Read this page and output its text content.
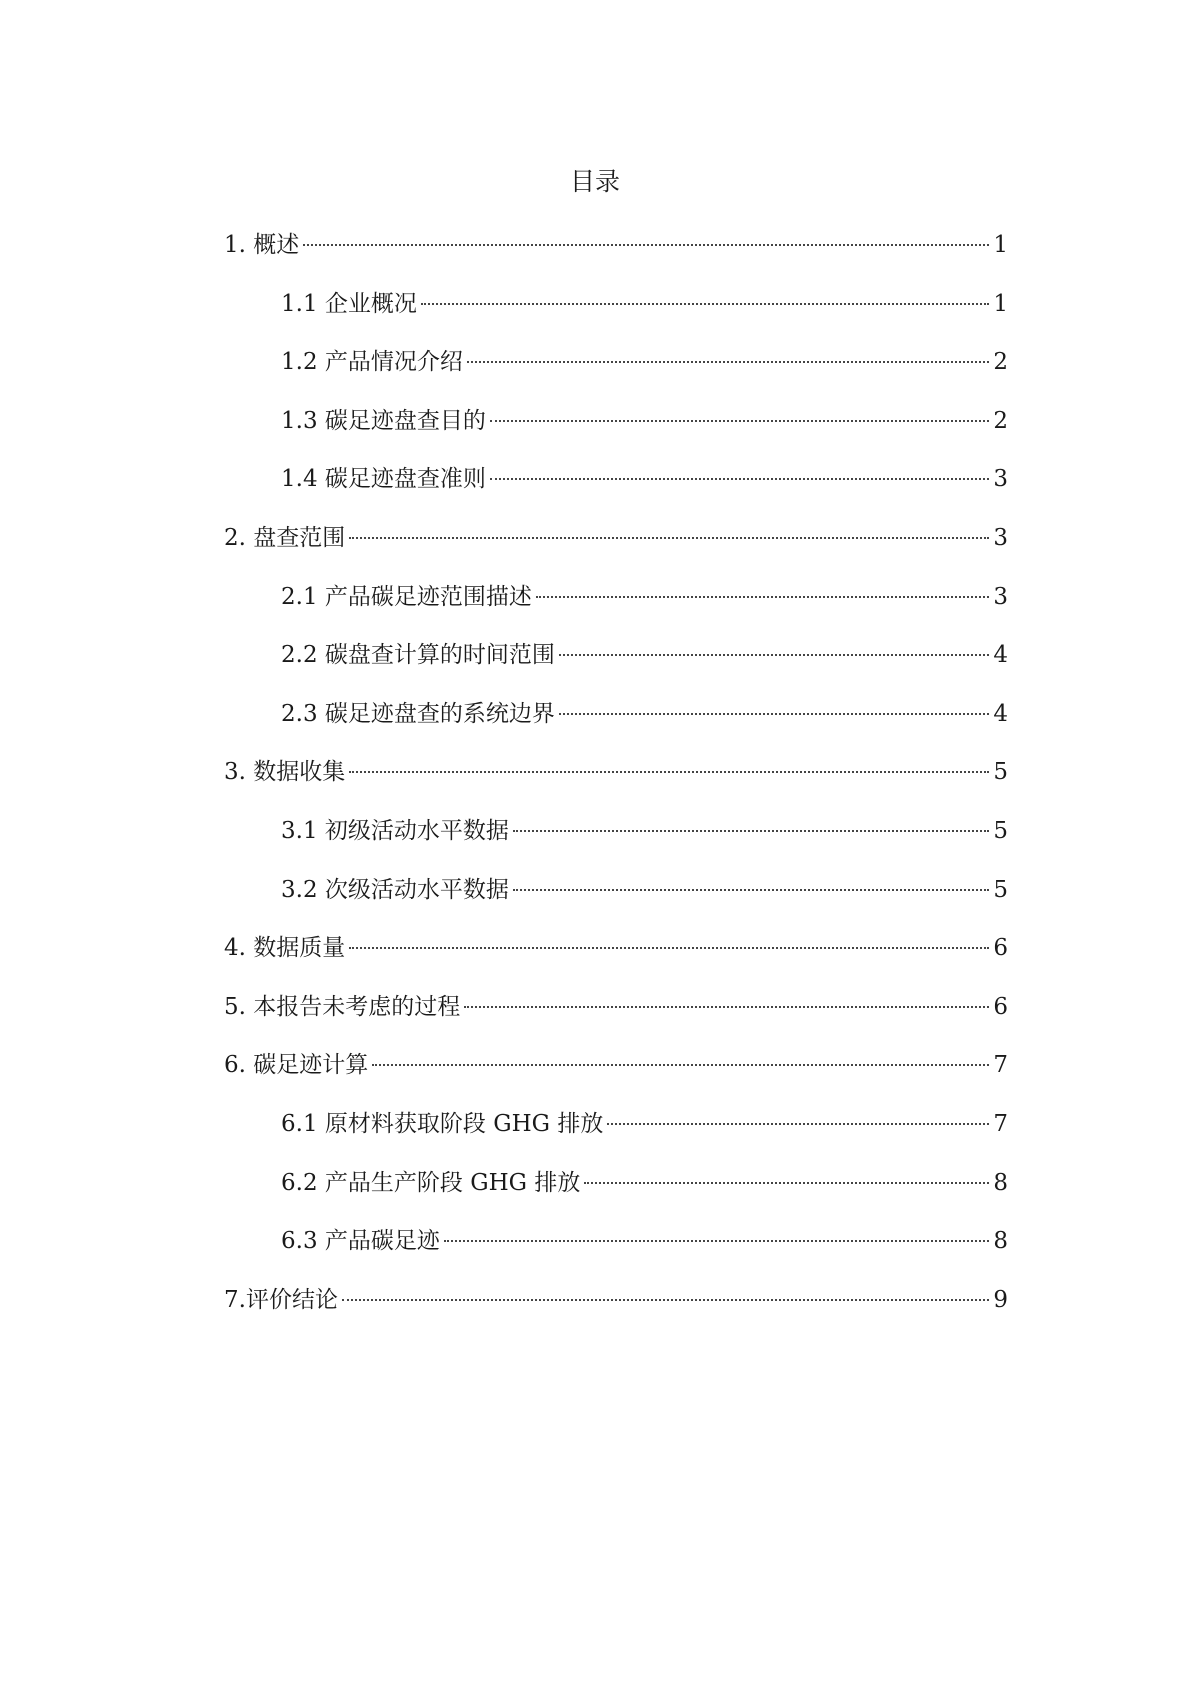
目录
1. 概述	1
1.1 企业概况	1
1.2 产品情况介绍	2
1.3 碳足迹盘查目的	2
1.4 碳足迹盘查准则	3
2. 盘查范围	3
2.1 产品碳足迹范围描述	3
2.2 碳盘查计算的时间范围	4
2.3 碳足迹盘查的系统边界	4
3. 数据收集	5
3.1 初级活动水平数据	5
3.2 次级活动水平数据	5
4. 数据质量	6
5. 本报告未考虑的过程	6
6. 碳足迹计算	7
6.1 原材料获取阶段 GHG 排放	7
6.2 产品生产阶段 GHG 排放	8
6.3 产品碳足迹	8
7.评价结论	9
